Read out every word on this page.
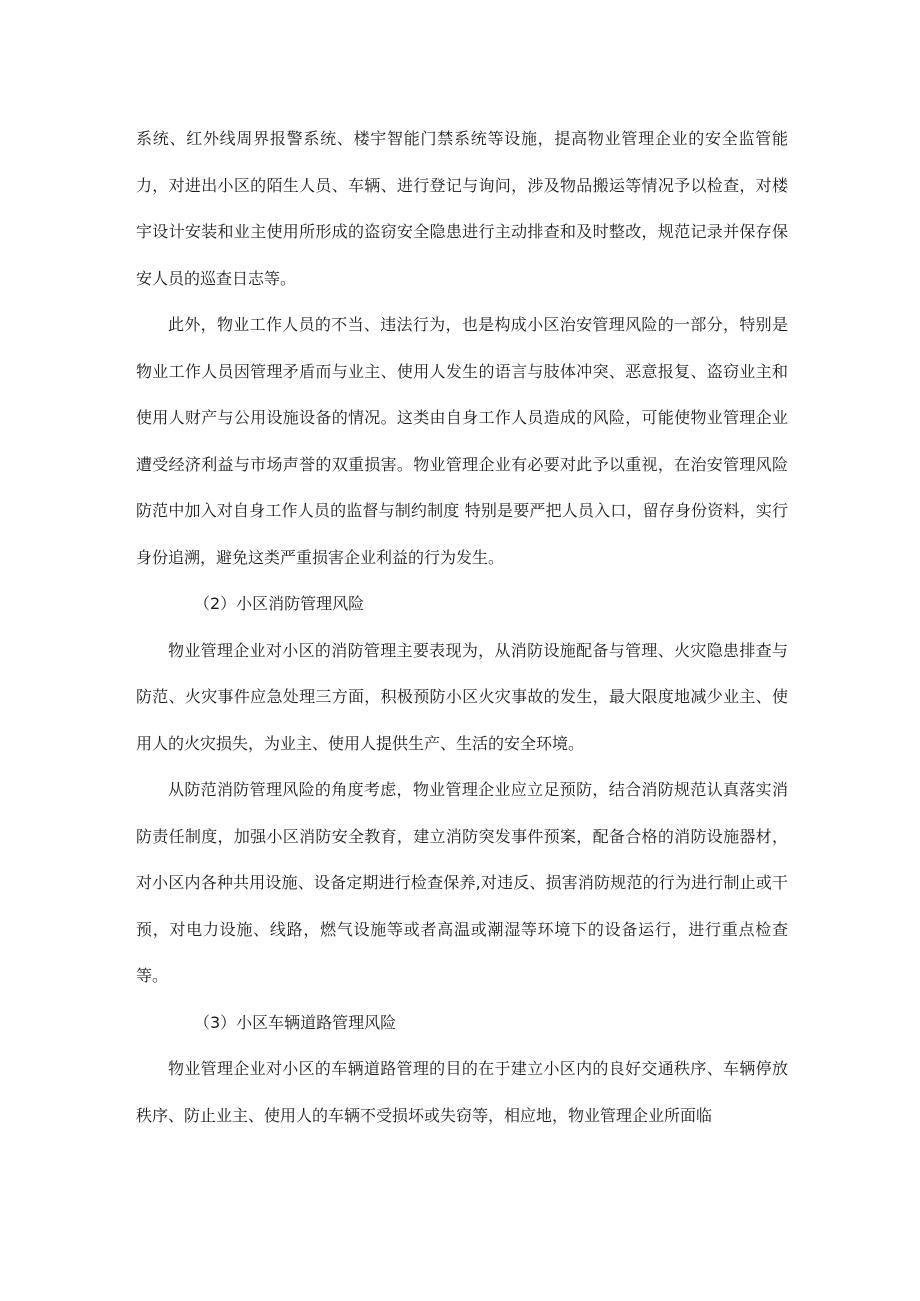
系统、红外线周界报警系统、楼宇智能门禁系统等设施，提高物业管理企业的安全监管能力，对进出小区的陌生人员、车辆、进行登记与询问，涉及物品搬运等情况予以检查，对楼宇设计安装和业主使用所形成的盗窃安全隐患进行主动排查和及时整改，规范记录并保存保安人员的巡查日志等。

此外，物业工作人员的不当、违法行为，也是构成小区治安管理风险的一部分，特别是物业工作人员因管理矛盾而与业主、使用人发生的语言与肢体冲突、恶意报复、盗窃业主和使用人财产与公用设施设备的情况。这类由自身工作人员造成的风险，可能使物业管理企业遭受经济利益与市场声誉的双重损害。物业管理企业有必要对此予以重视，在治安管理风险防范中加入对自身工作人员的监督与制约制度 特别是要严把人员入口，留存身份资料，实行身份追溯，避免这类严重损害企业利益的行为发生。

（2）小区消防管理风险

物业管理企业对小区的消防管理主要表现为，从消防设施配备与管理、火灾隐患排查与防范、火灾事件应急处理三方面，积极预防小区火灾事故的发生，最大限度地减少业主、使用人的火灾损失，为业主、使用人提供生产、生活的安全环境。

从防范消防管理风险的角度考虑，物业管理企业应立足预防，结合消防规范认真落实消防责任制度，加强小区消防安全教育，建立消防突发事件预案，配备合格的消防设施器材，对小区内各种共用设施、设备定期进行检查保养,对违反、损害消防规范的行为进行制止或干预，对电力设施、线路，燃气设施等或者高温或潮湿等环境下的设备运行，进行重点检查等。

（3）小区车辆道路管理风险

物业管理企业对小区的车辆道路管理的目的在于建立小区内的良好交通秩序、车辆停放秩序、防止业主、使用人的车辆不受损坏或失窃等，相应地，物业管理企业所面临
